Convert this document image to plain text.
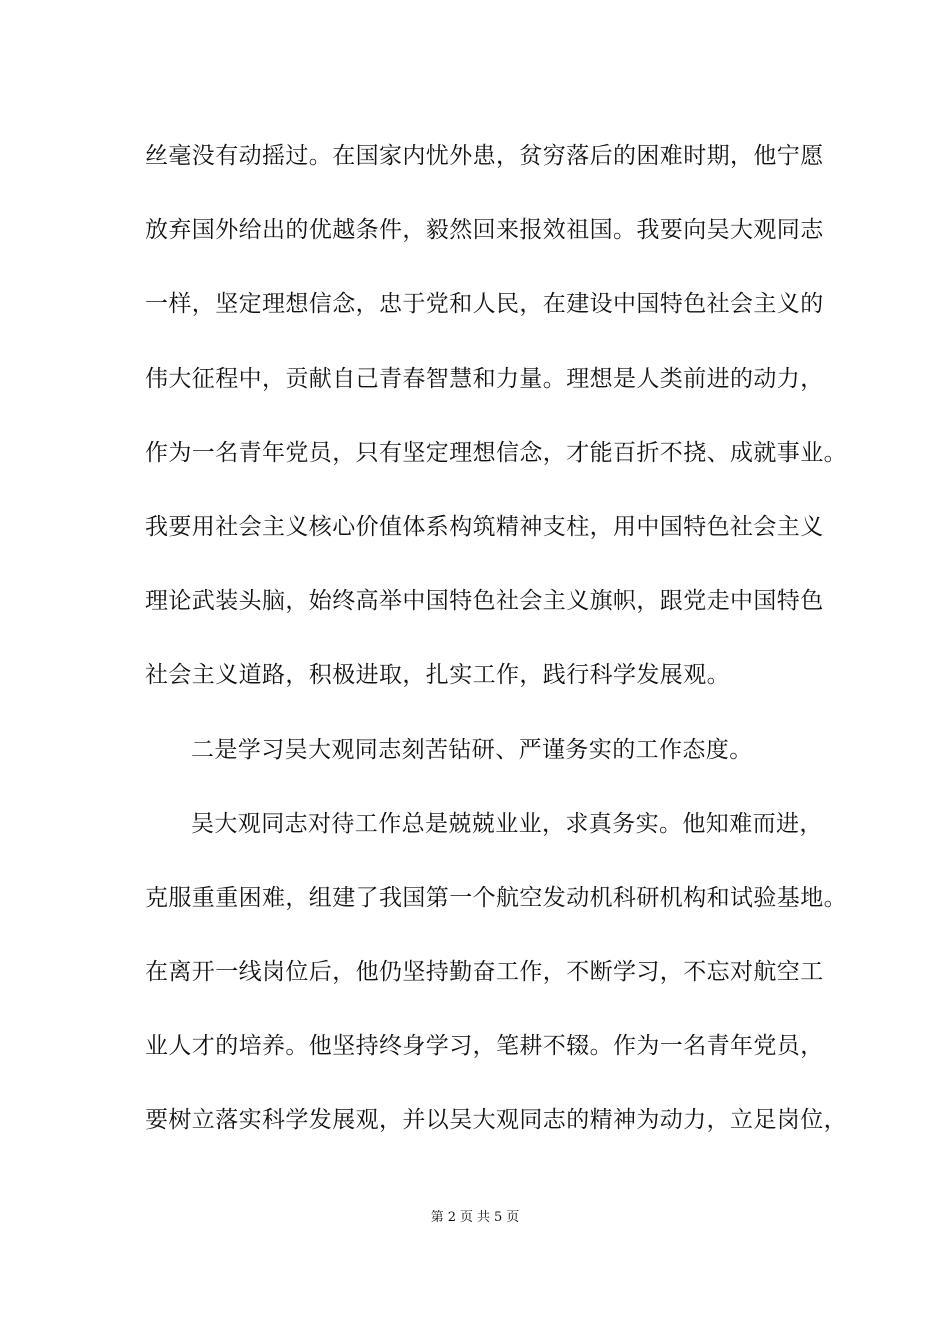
丝毫没有动摇过。在国家内忧外患，贫穷落后的困难时期，他宁愿
放弃国外给出的优越条件，毅然回来报效祖国。我要向吴大观同志
一样，坚定理想信念，忠于党和人民，在建设中国特色社会主义的
伟大征程中，贡献自己青春智慧和力量。理想是人类前进的动力，
作为一名青年党员，只有坚定理想信念，才能百折不挠、成就事业。
我要用社会主义核心价值体系构筑精神支柱，用中国特色社会主义
理论武装头脑，始终高举中国特色社会主义旗帜，跟党走中国特色
社会主义道路，积极进取，扎实工作，践行科学发展观。
二是学习吴大观同志刻苦钻研、严谨务实的工作态度。
吴大观同志对待工作总是兢兢业业，求真务实。他知难而进，
克服重重困难，组建了我国第一个航空发动机科研机构和试验基地。
在离开一线岗位后，他仍坚持勤奋工作，不断学习，不忘对航空工
业人才的培养。他坚持终身学习，笔耕不辍。作为一名青年党员，
要树立落实科学发展观，并以吴大观同志的精神为动力，立足岗位，
第 2 页 共 5 页
